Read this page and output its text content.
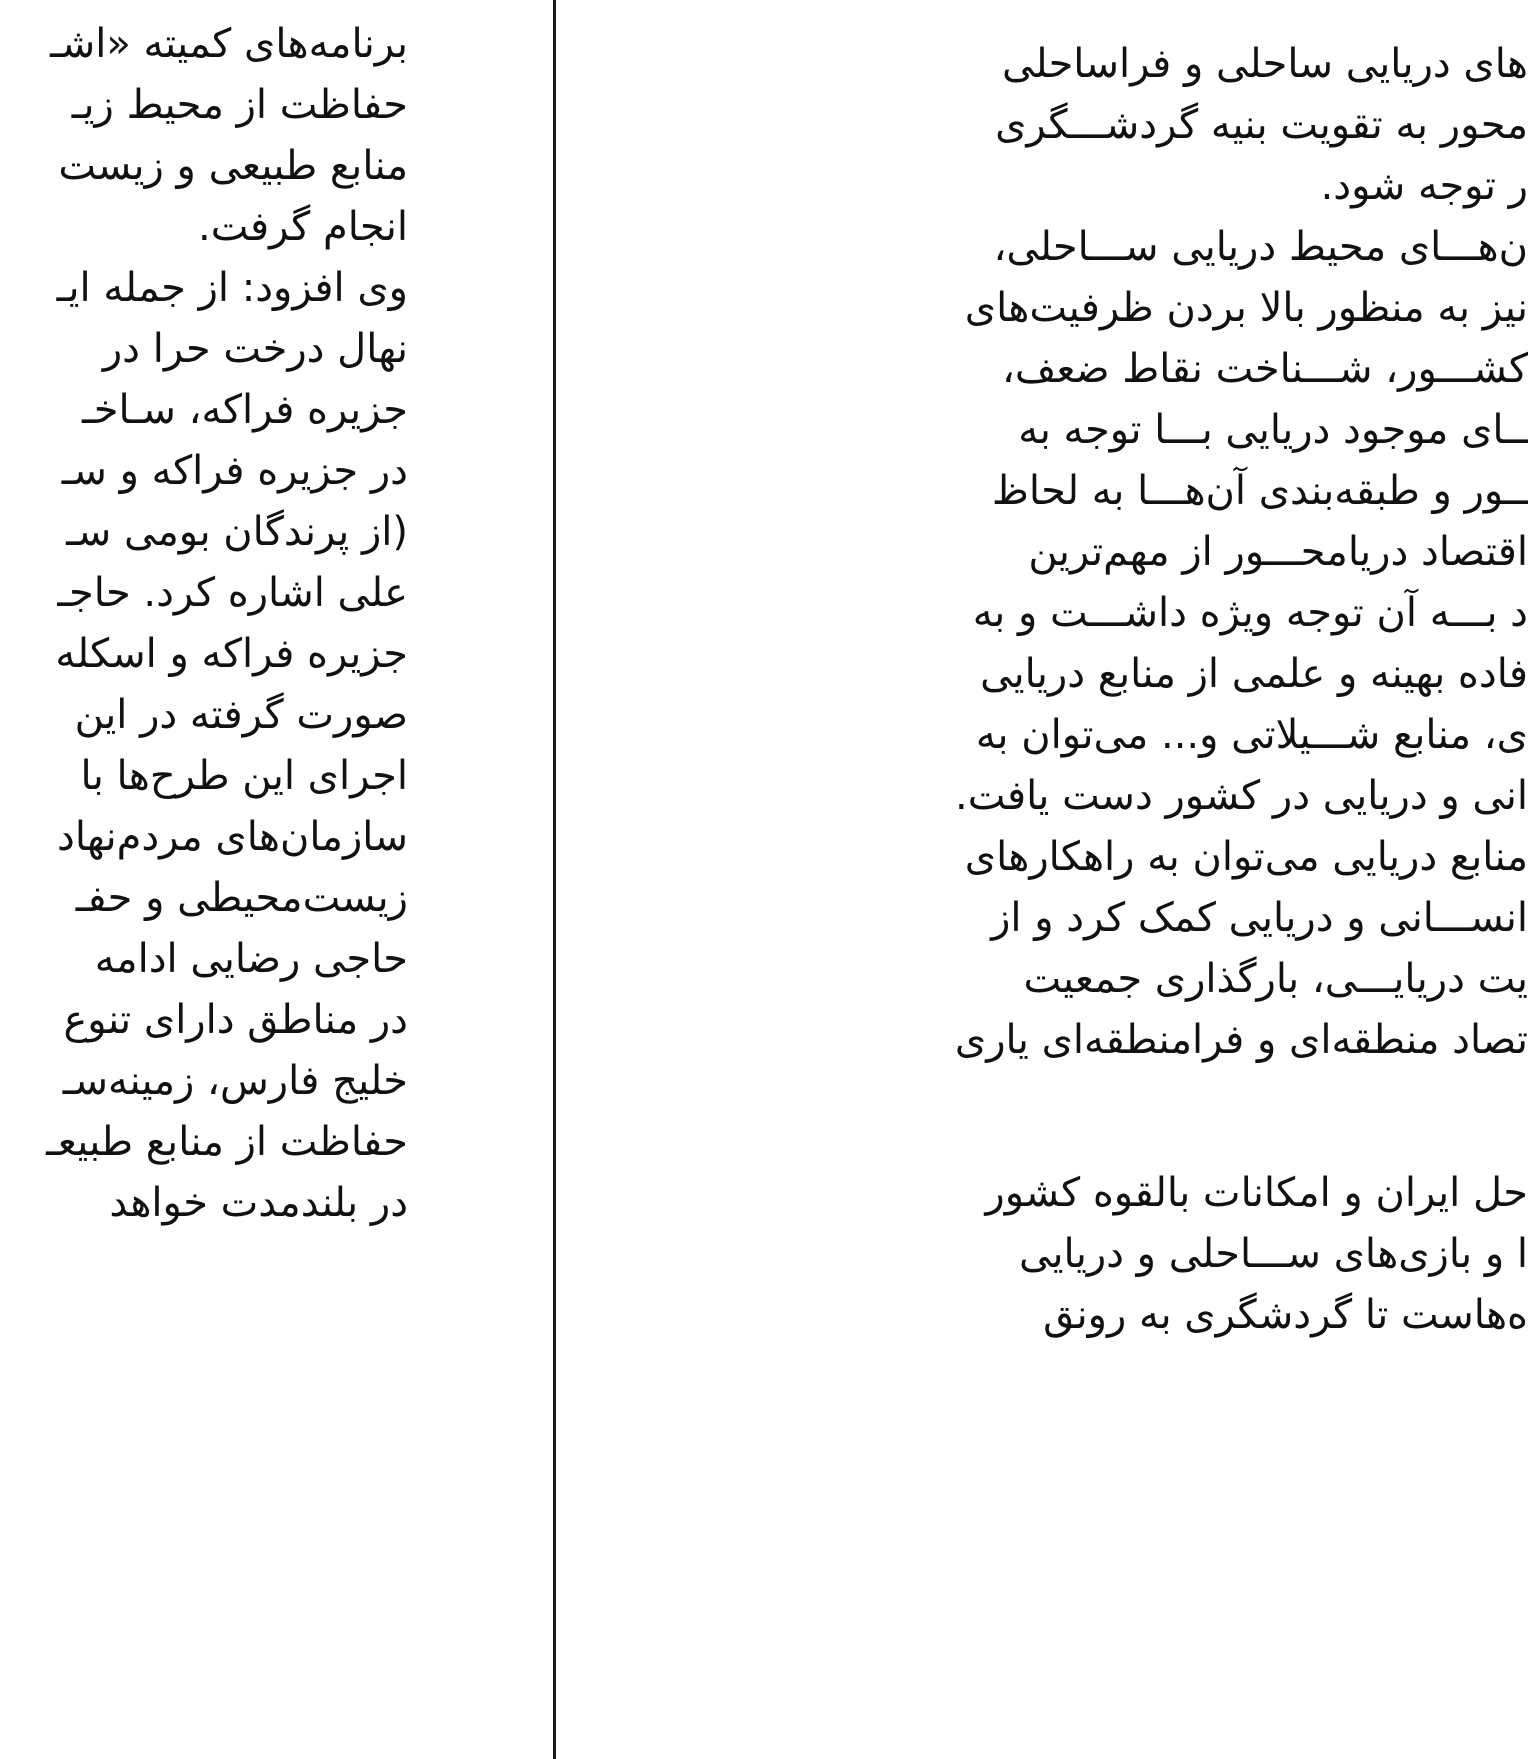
برنامه‌های کمیته «اشـ
حفاظت از محیط زیـ
منابع طبیعی و زیست
انجام گرفت.
وی افزود: از جمله ایـ
نهال درخت حرا در
جزیره فراکه، سـاخـ
در جزیره فراکه و سـ
(از پرندگان بومی سـ
علی اشاره کرد. حاجـ
جزیره فراکه و اسکله
صورت گرفته در این
اجرای این طرح‌ها با
سازمان‌های مردم‌نهاد
زیست‌محیطی و حفـ
حاجی رضایی ادامه
در مناطق دارای تنوع
خلیج فارس، زمینه‌سـ
حفاظت از منابع طبیعـ
در بلندمدت خواهد
های دریایی ساحلی و فراساحلی
محور به تقویت بنیه گردشـــگری
ر توجه شود.
ن‌هـــای محیط دریایی ســـاحلی،
نیز به منظور بالا بردن ظرفیت‌های
کشـــور، شـــناخت نقاط ضعف،
ــای موجود دریایی بـــا توجه به
ــور و طبقه‌بندی آن‌هـــا به لحاظ
اقتصاد دریامحـــور از مهم‌ترین
د بـــه آن توجه ویژه داشـــت و به
فاده بهینه و علمی از منابع دریایی
ی، منابع شـــیلاتی و... می‌توان به
انی و دریایی در کشور دست یافت.
منابع دریایی می‌توان به راهکارهای
انســـانی و دریایی کمک کرد و از
یت دریایـــی، بارگذاری جمعیت
تصاد منطقه‌ای و فرامنطقه‌ای یاری
حل ایران و امکانات بالقوه کشور
ا و بازی‌های ســـاحلی و دریایی
ه‌هاست تا گردشگری به رونق
